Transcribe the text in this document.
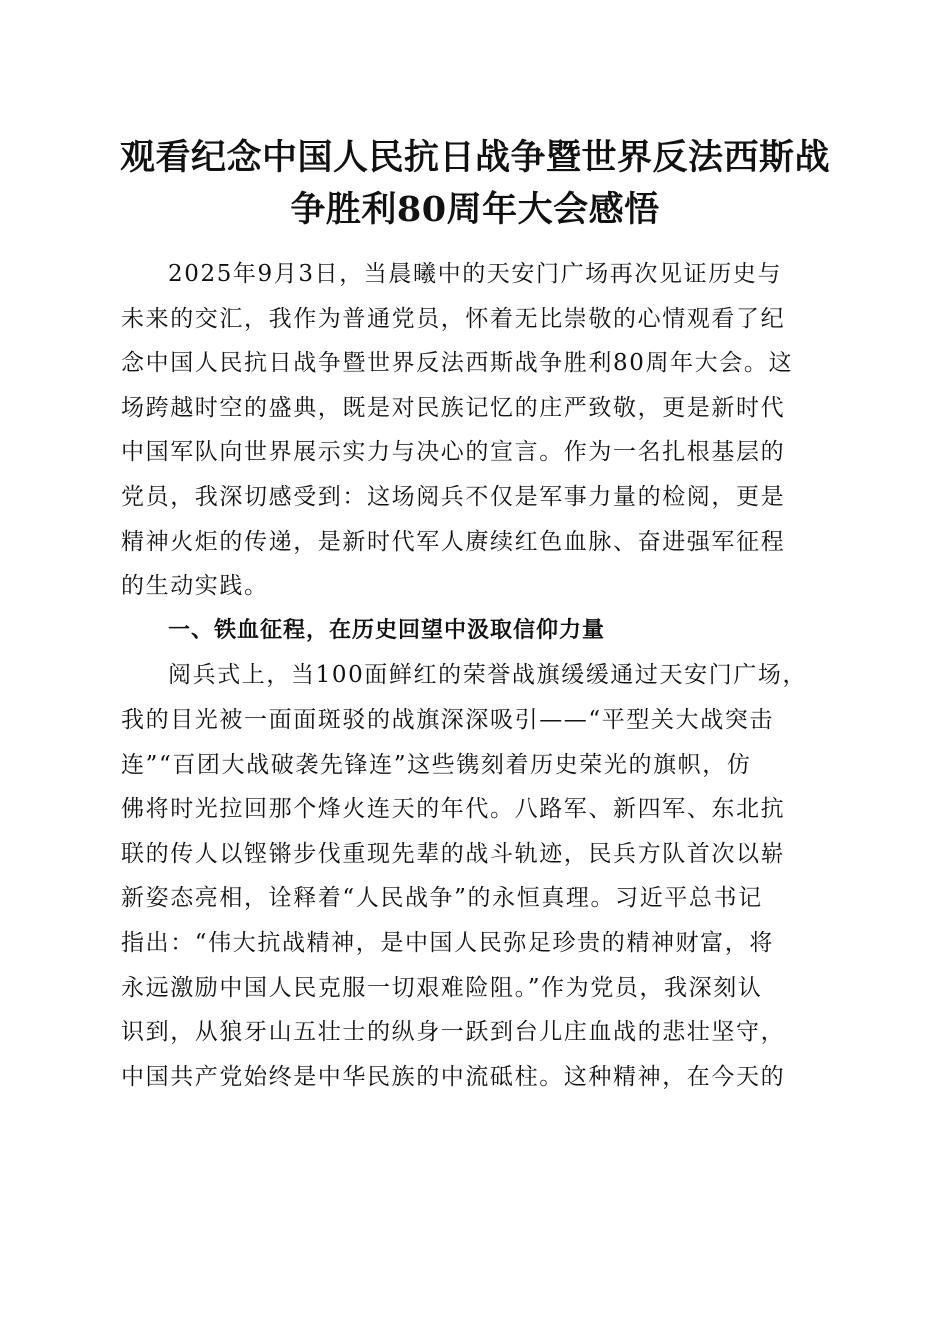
观看纪念中国人民抗日战争暨世界反法西斯战
争胜利80周年大会感悟

2025年9月3日，当晨曦中的天安门广场再次见证历史与
未来的交汇，我作为普通党员，怀着无比崇敬的心情观看了纪
念中国人民抗日战争暨世界反法西斯战争胜利80周年大会。这
场跨越时空的盛典，既是对民族记忆的庄严致敬，更是新时代
中国军队向世界展示实力与决心的宣言。作为一名扎根基层的
党员，我深切感受到：这场阅兵不仅是军事力量的检阅，更是
精神火炬的传递，是新时代军人赓续红色血脉、奋进强军征程
的生动实践。

一、铁血征程，在历史回望中汲取信仰力量

阅兵式上，当100面鲜红的荣誉战旗缓缓通过天安门广场，
我的目光被一面面斑驳的战旗深深吸引——“平型关大战突击
连”“百团大战破袭先锋连”这些镌刻着历史荣光的旗帜，仿
佛将时光拉回那个烽火连天的年代。八路军、新四军、东北抗
联的传人以铿锵步伐重现先辈的战斗轨迹，民兵方队首次以崭
新姿态亮相，诠释着“人民战争”的永恒真理。习近平总书记
指出：“伟大抗战精神，是中国人民弥足珍贵的精神财富，将
永远激励中国人民克服一切艰难险阻。”作为党员，我深刻认
识到，从狼牙山五壮士的纵身一跃到台儿庄血战的悲壮坚守，
中国共产党始终是中华民族的中流砥柱。这种精神，在今天的
